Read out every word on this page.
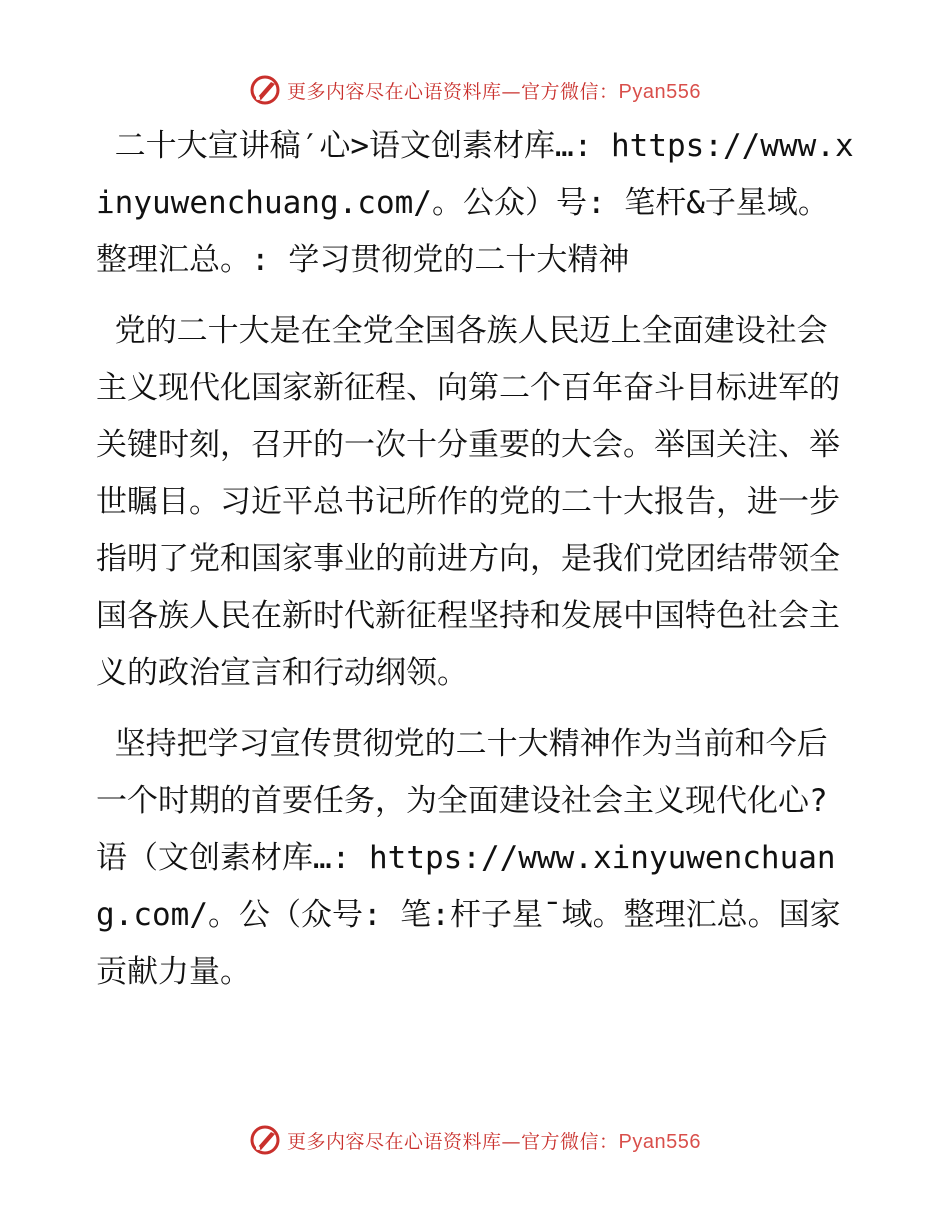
更多内容尽在心语资料库—官方微信：Pyan556

二十大宣讲稿′心>语文创素材库…: https://www.xinyuwenchuang.com/。公众）号: 笔杆&子星域。整理汇总。: 学习贯彻党的二十大精神

党的二十大是在全党全国各族人民迈上全面建设社会主义现代化国家新征程、向第二个百年奋斗目标进军的关键时刻，召开的一次十分重要的大会。举国关注、举世瞩目。习近平总书记所作的党的二十大报告，进一步指明了党和国家事业的前进方向，是我们党团结带领全国各族人民在新时代新征程坚持和发展中国特色社会主义的政治宣言和行动纲领。

坚持把学习宣传贯彻党的二十大精神作为当前和今后一个时期的首要任务，为全面建设社会主义现代化心?语（文创素材库…: https://www.xinyuwenchuang.com/。公（众号: 笔:杆子星¯域。整理汇总。国家贡献力量。

更多内容尽在心语资料库—官方微信：Pyan556
